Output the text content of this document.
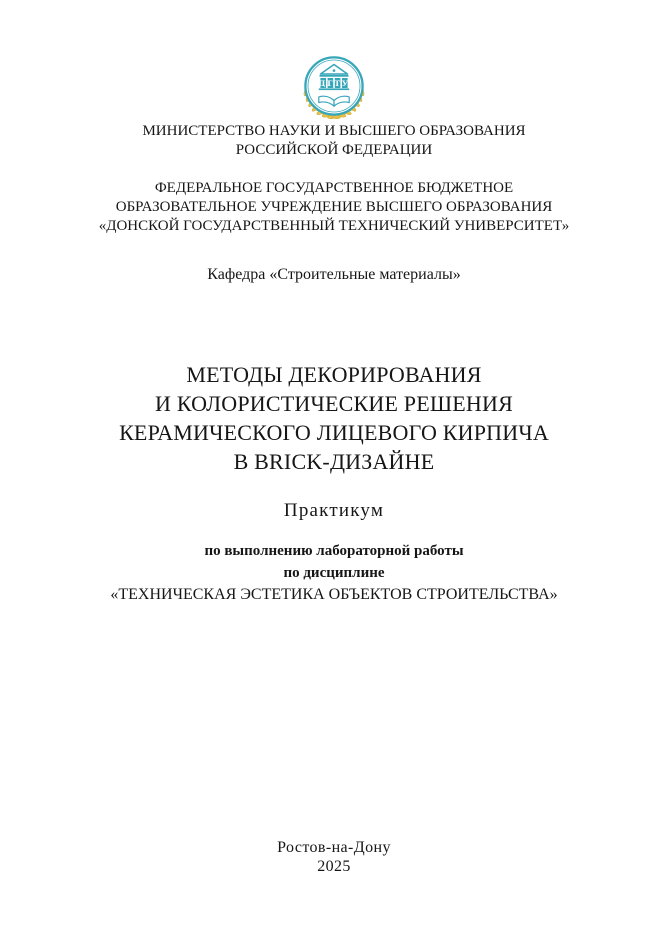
ДГТУ
МИНИСТЕРСТВО НАУКИ И ВЫСШЕГО ОБРАЗОВАНИЯ
РОССИЙСКОЙ ФЕДЕРАЦИИ
ФЕДЕРАЛЬНОЕ ГОСУДАРСТВЕННОЕ БЮДЖЕТНОЕ
ОБРАЗОВАТЕЛЬНОЕ УЧРЕЖДЕНИЕ ВЫСШЕГО ОБРАЗОВАНИЯ
«ДОНСКОЙ ГОСУДАРСТВЕННЫЙ ТЕХНИЧЕСКИЙ УНИВЕРСИТЕТ»
Кафедра «Строительные материалы»
МЕТОДЫ ДЕКОРИРОВАНИЯ
И КОЛОРИСТИЧЕСКИЕ РЕШЕНИЯ
КЕРАМИЧЕСКОГО ЛИЦЕВОГО КИРПИЧА
В BRICK-ДИЗАЙНЕ
Практикум
по выполнению лабораторной работы
по дисциплине
«ТЕХНИЧЕСКАЯ ЭСТЕТИКА ОБЪЕКТОВ СТРОИТЕЛЬСТВА»
Ростов-на-Дону
2025
